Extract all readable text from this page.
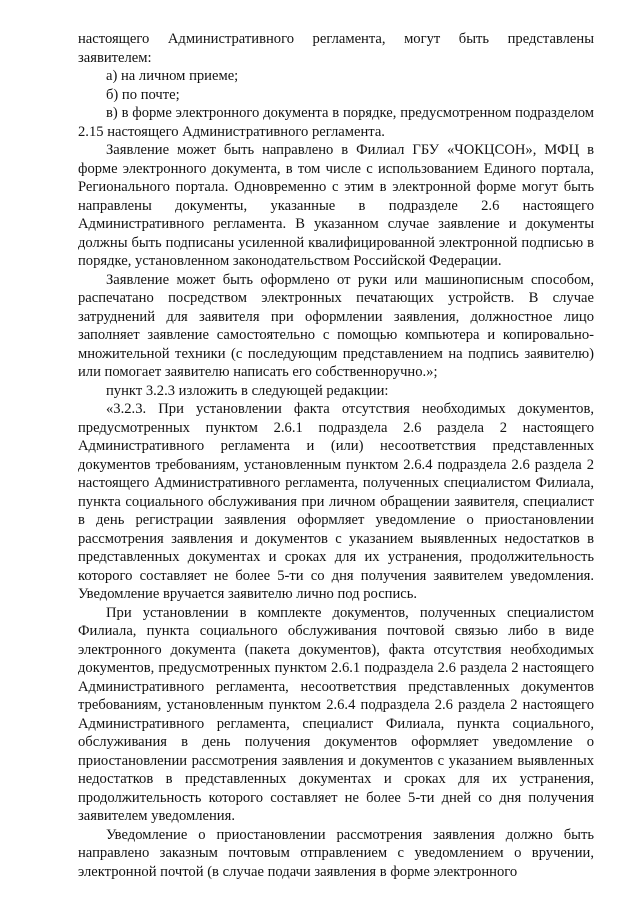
настоящего Административного регламента, могут быть представлены заявителем:

а) на личном приеме;

б) по почте;

в) в форме электронного документа в порядке, предусмотренном подразделом 2.15 настоящего Административного регламента.

Заявление может быть направлено в Филиал ГБУ «ЧОКЦСОН», МФЦ в форме электронного документа, в том числе с использованием Единого портала, Регионального портала. Одновременно с этим в электронной форме могут быть направлены документы, указанные в подразделе 2.6 настоящего Административного регламента. В указанном случае заявление и документы должны быть подписаны усиленной квалифицированной электронной подписью в порядке, установленном законодательством Российской Федерации.

Заявление может быть оформлено от руки или машинописным способом, распечатано посредством электронных печатающих устройств. В случае затруднений для заявителя при оформлении заявления, должностное лицо заполняет заявление самостоятельно с помощью компьютера и копировально-множительной техники (с последующим представлением на подпись заявителю) или помогает заявителю написать его собственноручно.»;

пункт 3.2.3 изложить в следующей редакции:

«3.2.3. При установлении факта отсутствия необходимых документов, предусмотренных пунктом 2.6.1 подраздела 2.6 раздела 2 настоящего Административного регламента и (или) несоответствия представленных документов требованиям, установленным пунктом 2.6.4 подраздела 2.6 раздела 2 настоящего Административного регламента, полученных специалистом Филиала, пункта социального обслуживания при личном обращении заявителя, специалист в день регистрации заявления оформляет уведомление о приостановлении рассмотрения заявления и документов с указанием выявленных недостатков в представленных документах и сроках для их устранения, продолжительность которого составляет не более 5-ти со дня получения заявителем уведомления. Уведомление вручается заявителю лично под роспись.

При установлении в комплекте документов, полученных специалистом Филиала, пункта социального обслуживания почтовой связью либо в виде электронного документа (пакета документов), факта отсутствия необходимых документов, предусмотренных пунктом 2.6.1 подраздела 2.6 раздела 2 настоящего Административного регламента, несоответствия представленных документов требованиям, установленным пунктом 2.6.4 подраздела 2.6 раздела 2 настоящего Административного регламента, специалист Филиала, пункта социального, обслуживания в день получения документов оформляет уведомление о приостановлении рассмотрения заявления и документов с указанием выявленных недостатков в представленных документах и сроках для их устранения, продолжительность которого составляет не более 5-ти дней со дня получения заявителем уведомления.

Уведомление о приостановлении рассмотрения заявления должно быть направлено заказным почтовым отправлением с уведомлением о вручении, электронной почтой (в случае подачи заявления в форме электронного
